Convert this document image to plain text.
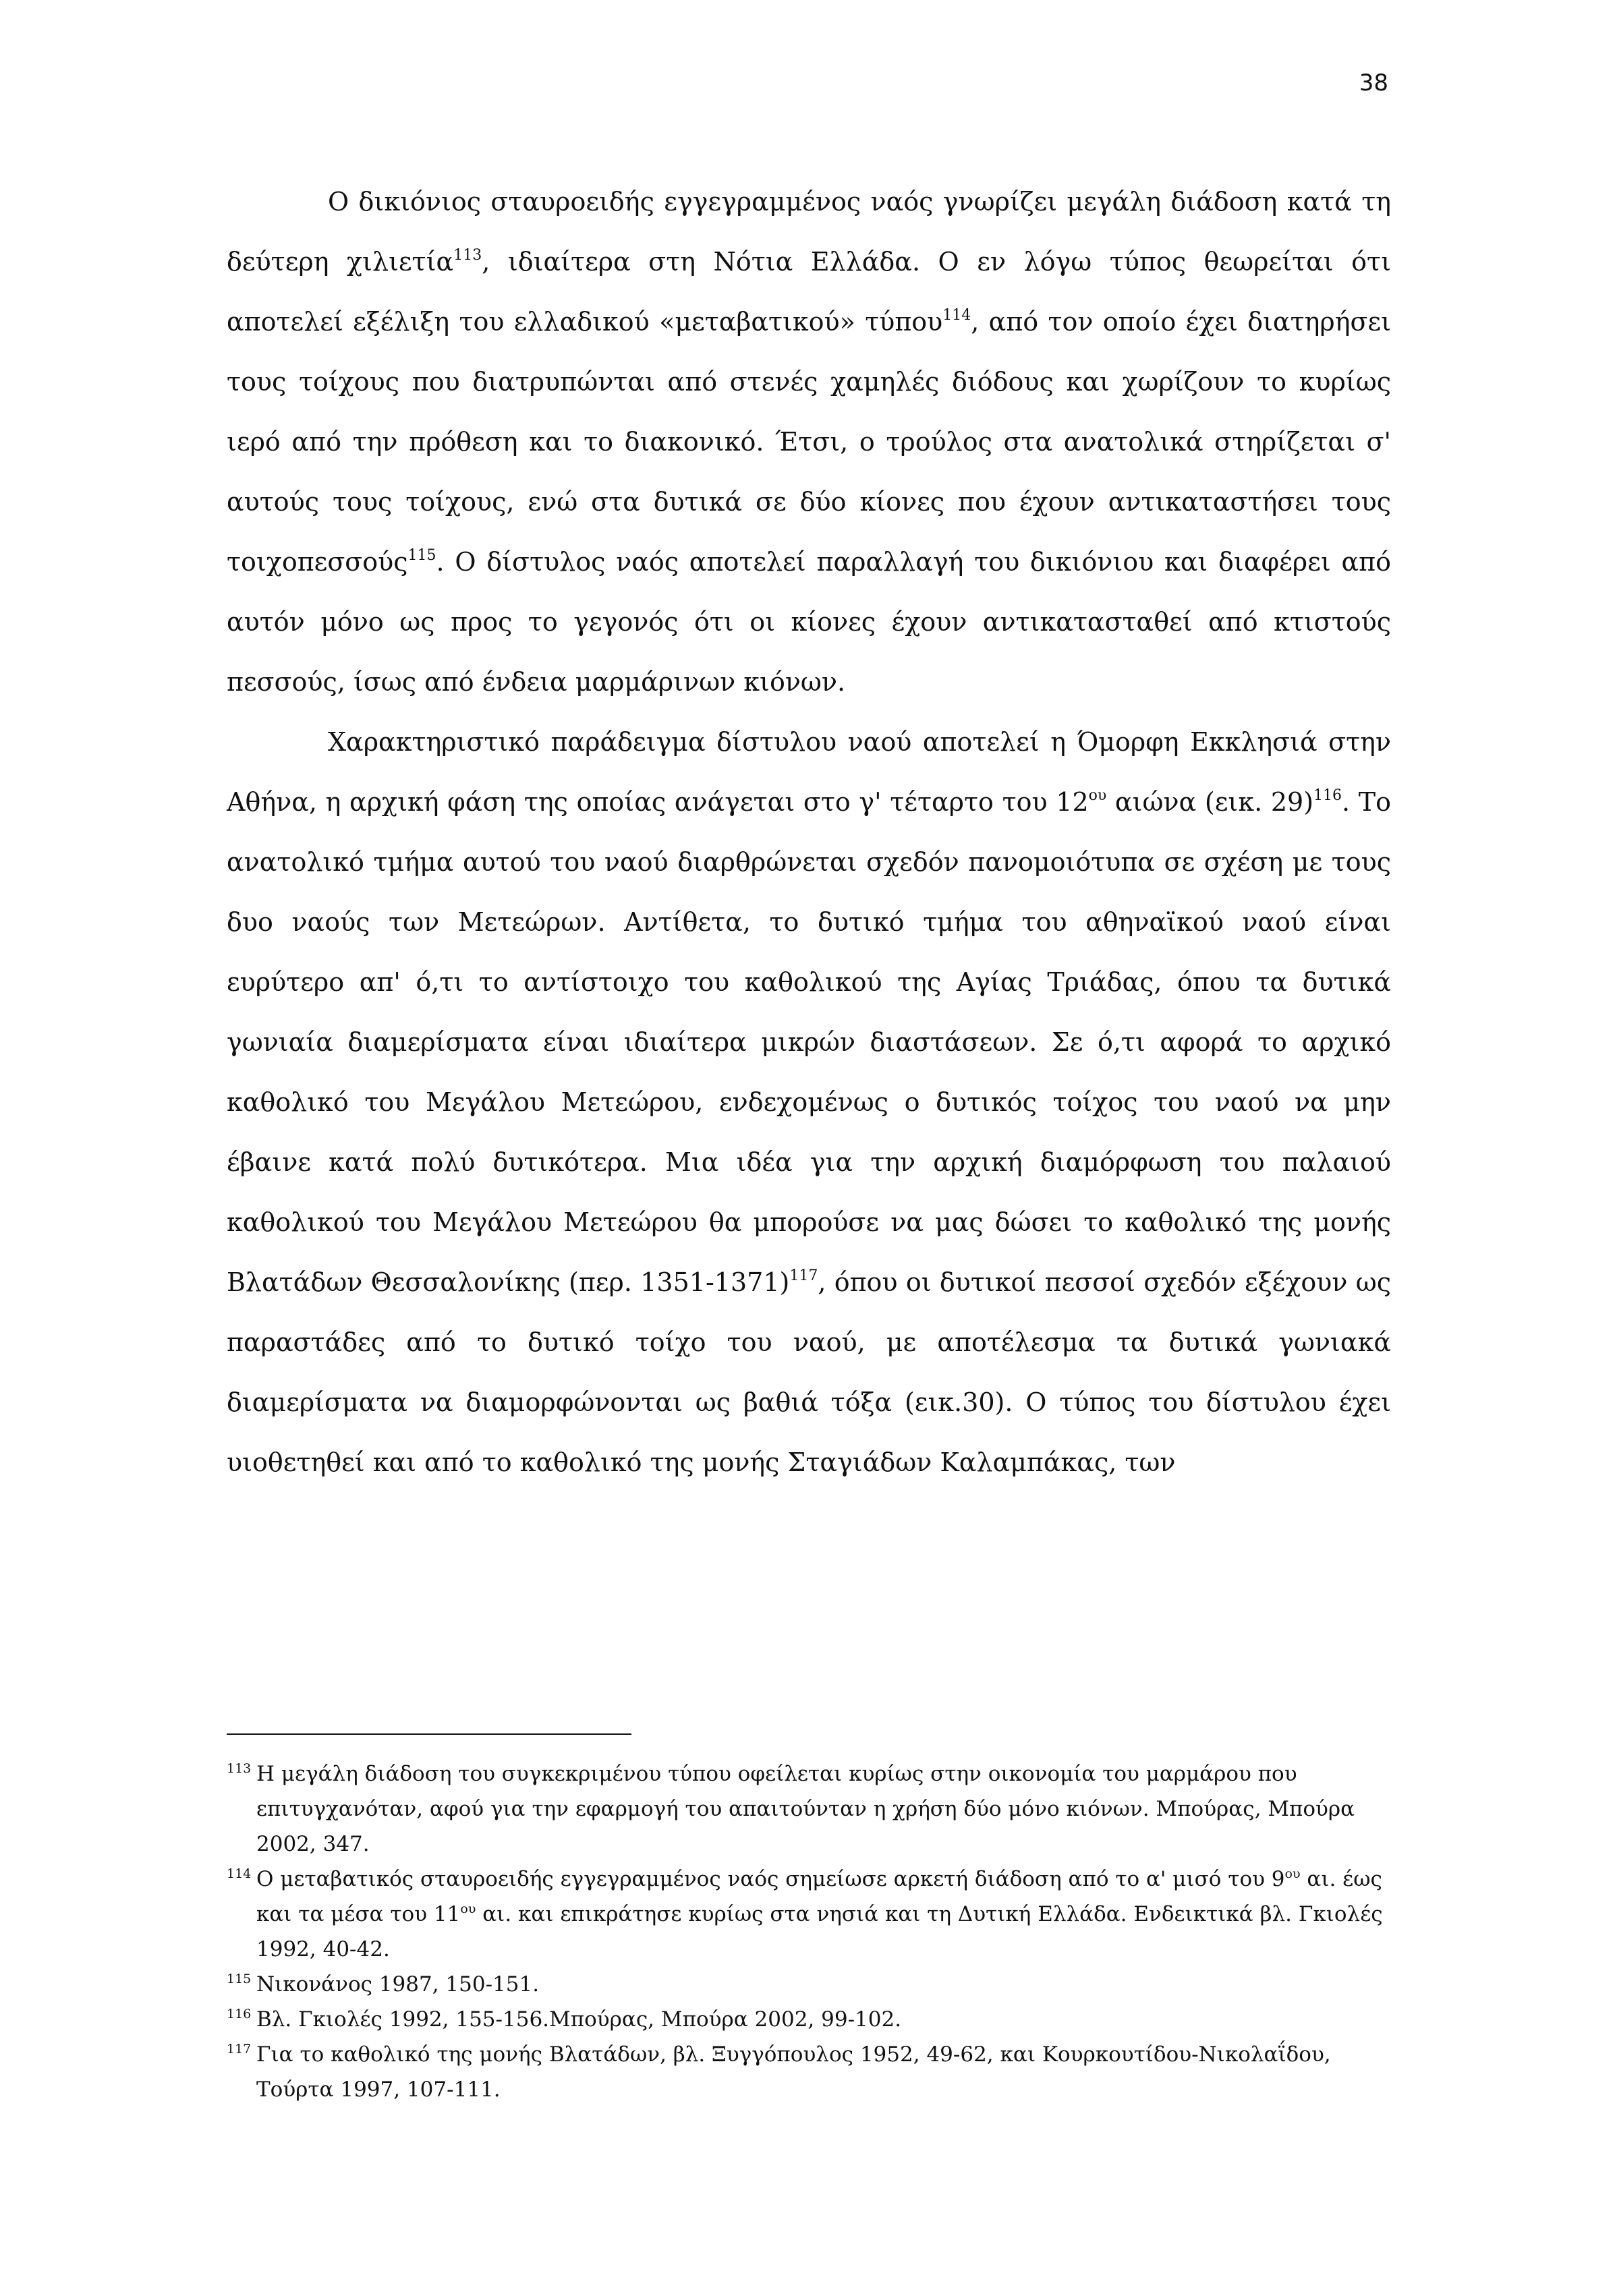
38

Ο δικιόνιος σταυροειδής εγγεγραμμένος ναός γνωρίζει μεγάλη διάδοση κατά τη δεύτερη χιλιετία$^{113}$, ιδιαίτερα στη Νότια Ελλάδα. Ο εν λόγω τύπος θεωρείται ότι αποτελεί εξέλιξη του ελλαδικού «μεταβατικού» τύπου$^{114}$, από τον οποίο έχει διατηρήσει τους τοίχους που διατρυπώνται από στενές χαμηλές διόδους και χωρίζουν το κυρίως ιερό από την πρόθεση και το διακονικό. Έτσι, ο τρούλος στα ανατολικά στηρίζεται σ' αυτούς τους τοίχους, ενώ στα δυτικά σε δύο κίονες που έχουν αντικαταστήσει τους τοιχοπεσσούς$^{115}$. Ο δίστυλος ναός αποτελεί παραλλαγή του δικιόνιου και διαφέρει από αυτόν μόνο ως προς το γεγονός ότι οι κίονες έχουν αντικατασταθεί από κτιστούς πεσσούς, ίσως από ένδεια μαρμάρινων κιόνων.

Χαρακτηριστικό παράδειγμα δίστυλου ναού αποτελεί η Όμορφη Εκκλησιά στην Αθήνα, η αρχική φάση της οποίας ανάγεται στο γ' τέταρτο του $12^{o\upsilon}$ αιώνα (εικ. 29)$^{116}$. Το ανατολικό τμήμα αυτού του ναού διαρθρώνεται σχεδόν πανομοιότυπα σε σχέση με τους δυο ναούς των Μετεώρων. Αντίθετα, το δυτικό τμήμα του αθηναϊκού ναού είναι ευρύτερο απ' ό,τι το αντίστοιχο του καθολικού της Αγίας Τριάδας, όπου τα δυτικά γωνιαία διαμερίσματα είναι ιδιαίτερα μικρών διαστάσεων. Σε ό,τι αφορά το αρχικό καθολικό του Μεγάλου Μετεώρου, ενδεχομένως ο δυτικός τοίχος του ναού να μην έβαινε κατά πολύ δυτικότερα. Μια ιδέα για την αρχική διαμόρφωση του παλαιού καθολικού του Μεγάλου Μετεώρου θα μπορούσε να μας δώσει το καθολικό της μονής Βλατάδων Θεσσαλονίκης (περ. 1351-1371)$^{117}$, όπου οι δυτικοί πεσσοί σχεδόν εξέχουν ως παραστάδες από το δυτικό τοίχο του ναού, με αποτέλεσμα τα δυτικά γωνιακά διαμερίσματα να διαμορφώνονται ως βαθιά τόξα (εικ.30). Ο τύπος του δίστυλου έχει υιοθετηθεί και από το καθολικό της μονής Σταγιάδων Καλαμπάκας, των

$^{113}$ Η μεγάλη διάδοση του συγκεκριμένου τύπου οφείλεται κυρίως στην οικονομία του μαρμάρου που επιτυγχανόταν, αφού για την εφαρμογή του απαιτούνταν η χρήση δύο μόνο κιόνων. Μπούρας, Μπούρα 2002, 347.
$^{114}$ Ο μεταβατικός σταυροειδής εγγεγραμμένος ναός σημείωσε αρκετή διάδοση από το α' μισό του $9^{o\upsilon}$ αι. έως και τα μέσα του $11^{o\upsilon}$ αι. και επικράτησε κυρίως στα νησιά και τη Δυτική Ελλάδα. Ενδεικτικά βλ. Γκιολές 1992, 40-42.
$^{115}$ Νικονάνος 1987, 150-151.
$^{116}$ Βλ. Γκιολές 1992, 155-156.Μπούρας, Μπούρα 2002, 99-102.
$^{117}$ Για το καθολικό της μονής Βλατάδων, βλ. Ξυγγόπουλος 1952, 49-62, και Κουρκουτίδου-Νικολαΐδου, Τούρτα 1997, 107-111.
